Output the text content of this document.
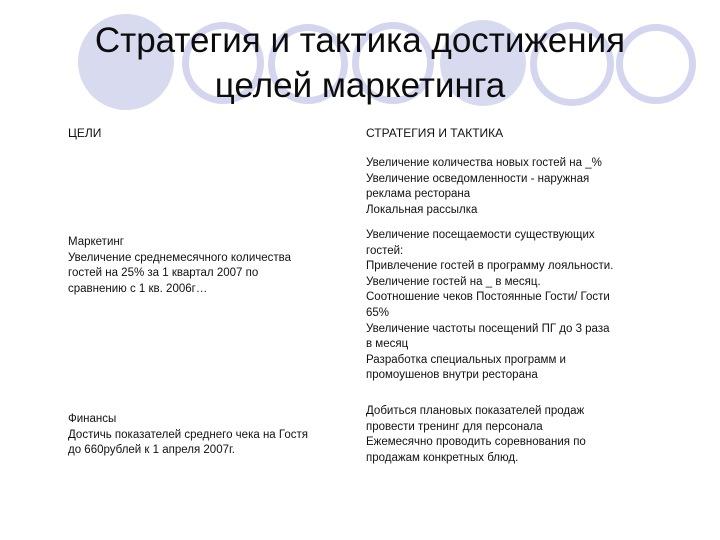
Стратегия и тактика достижения
целей маркетинга
ЦЕЛИ	СТРАТЕГИЯ И ТАКТИКА
Увеличение количества новых гостей на _%
Увеличение осведомленности - наружная
реклама ресторана
Локальная рассылка
Маркетинг
Увеличение среднемесячного количества
гостей на 25% за 1 квартал 2007 по
сравнению с 1 кв. 2006г…
Увеличение посещаемости существующих
гостей:
Привлечение гостей в программу лояльности.
Увеличение гостей на _ в месяц.
Соотношение чеков Постоянные Гости/ Гости
65%
Увеличение частоты посещений ПГ до 3 раза
в месяц
Разработка специальных программ и
промоушенов внутри ресторана
Финансы
Достичь показателей среднего чека на Гостя
до 660рублей к 1 апреля 2007г.
Добиться плановых показателей продаж
провести тренинг для персонала
Ежемесячно проводить соревнования по
продажам конкретных блюд.
